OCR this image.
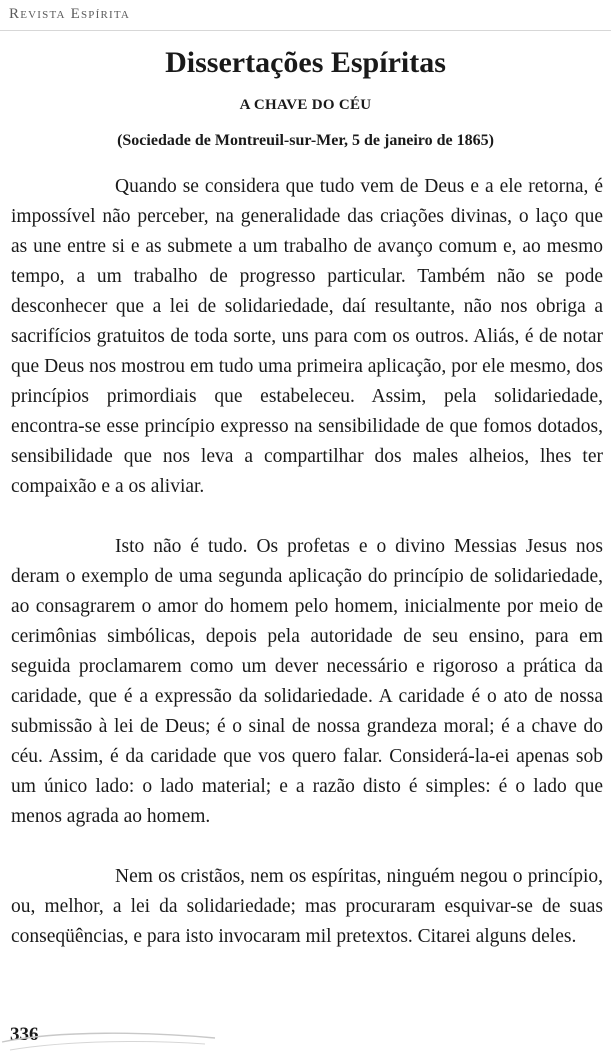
Revista Espírita
Dissertações Espíritas
A CHAVE DO CÉU
(Sociedade de Montreuil-sur-Mer, 5 de janeiro de 1865)

Quando se considera que tudo vem de Deus e a ele retorna, é impossível não perceber, na generalidade das criações divinas, o laço que as une entre si e as submete a um trabalho de avanço comum e, ao mesmo tempo, a um trabalho de progresso particular. Também não se pode desconhecer que a lei de solidariedade, daí resultante, não nos obriga a sacrifícios gratuitos de toda sorte, uns para com os outros. Aliás, é de notar que Deus nos mostrou em tudo uma primeira aplicação, por ele mesmo, dos princípios primordiais que estabeleceu. Assim, pela solidariedade, encontra-se esse princípio expresso na sensibilidade de que fomos dotados, sensibilidade que nos leva a compartilhar dos males alheios, lhes ter compaixão e a os aliviar.

Isto não é tudo. Os profetas e o divino Messias Jesus nos deram o exemplo de uma segunda aplicação do princípio de solidariedade, ao consagrarem o amor do homem pelo homem, inicialmente por meio de cerimônias simbólicas, depois pela autoridade de seu ensino, para em seguida proclamarem como um dever necessário e rigoroso a prática da caridade, que é a expressão da solidariedade. A caridade é o ato de nossa submissão à lei de Deus; é o sinal de nossa grandeza moral; é a chave do céu. Assim, é da caridade que vos quero falar. Considerá-la-ei apenas sob um único lado: o lado material; e a razão disto é simples: é o lado que menos agrada ao homem.

Nem os cristãos, nem os espíritas, ninguém negou o princípio, ou, melhor, a lei da solidariedade; mas procuraram esquivar-se de suas conseqüências, e para isto invocaram mil pretextos. Citarei alguns deles.

336
